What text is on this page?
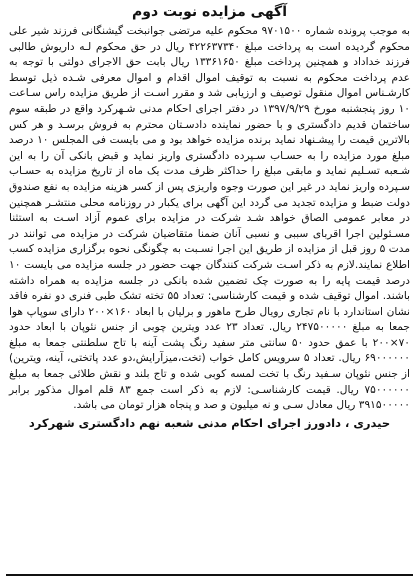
آگهی مزایده نوبت دوم

به موجب پرونده شماره ۹۷۰۱۵۰۰ محکوم علیه مرتضی جوانبخت گیشنگانی فرزند شیر علی محکوم گردیده است به پرداخت مبلغ ۴۲۲۶۳۷۳۴۰ ریال در حق محکوم لـه داریوش طالبی فرزند خداداد و همچنین پرداخت مبلغ ۱۳۳۶۱۶۵۰ ریال بابت حق الاجرای دولتی با توجه به عدم پرداخت محکوم به نسبت به توقیف اموال اقدام و اموال معرفی شـده ذیل توسط کارشـناس اموال منقول توصیف و ارزیابی شد و مقرر اسـت از طریق مزایده راس سـاعت ۱۰ روز پنجشنبه مورخ ۱۳۹۷/۹/۲۹ در دفتر اجرای احکام مدنی شـهرکرد واقع در طبقه سوم ساختمان قدیم دادگستری و با حضور نماینده دادسـتان محترم به فروش برسـد و هر کس بالاترین قیمت را پیشـنهاد نماید برنده مزایده خواهد بود و می بایست فی المجلس ۱۰ درصد مبلغ مورد مزایده را به حسـاب سـپرده دادگستری واریز نماید و قبض بانکی آن را به این شـعبه تسـلیم نماید و مابقی مبلغ را حداکثر ظرف مدت یک ماه از تاریخ مزایده به حسـاب سـپرده واریز نماید در غیر این صورت وجوه واریزی پس از کسر هزینه مزایده به نفع صندوق دولت ضبط و مزایده تجدید می گردد این آگهی برای یکبار در روزنامه محلی منتشـر همچنین در معابر عمومی الصاق خواهد شـد شرکت در مزایده برای عموم آزاد اسـت به استثنا مسـئولین اجرا اقربای سببی و نسبی آنان ضمنا متقاضیان شرکت در مزایده می توانند در مدت ۵ روز قبل از مزایده از طریق این اجرا نسـبت به چگونگی نحوه برگزاری مزایده کسب اطلاع نمایند.لازم به ذکر اسـت شرکت کنندگان جهت حضور در جلسه مزایده می بایست ۱۰ درصد قیمت پایه را به صورت چک تضمین شده بانکی در جلسه مزایده به همراه داشته باشند. اموال توقیف شده و قیمت کارشناسی: تعداد ۵۵ تخته تشک طبی فنری دو نفره فاقد نشان استاندارد با نام تجاری رویال طرح ماهور و برلیان با ابعاد ۱۶۰×۲۰۰ دارای سوپاپ هوا جمعا به مبلغ ۲۴۷۵۰۰۰۰۰ ریال. تعداد ۲۳ عدد ویترین چوبی از جنس نئوپان با ابعاد حدود ۷۰×۲۰۰ با عمق حدود ۵۰ سانتی متر سفید رنگ پشت آینه با تاج سلطنتی جمعا به مبلغ ۶۹۰۰۰۰۰۰ ریال. تعداد ۵ سرویس کامل خواب (تخت،میزآرایش،دو عدد پاتختی، آینه، ویترین) از جنس نئوپان سـفید رنگ با تخت لمسه کوبی شده و تاج بلند و نقش طلائی جمعا به مبلغ ۷۵۰۰۰۰۰۰ ریال. قیمت کارشناسـی: لازم به ذکر است جمع ۸۳ قلم اموال مذکور برابر ۳۹۱۵۰۰۰۰۰ ریال معادل سـی و نه میلیون و صد و پنجاه هزار تومان می باشد.

حیدری ، دادورز اجرای احکام مدنی شعبه نهم دادگستری شهرکرد
